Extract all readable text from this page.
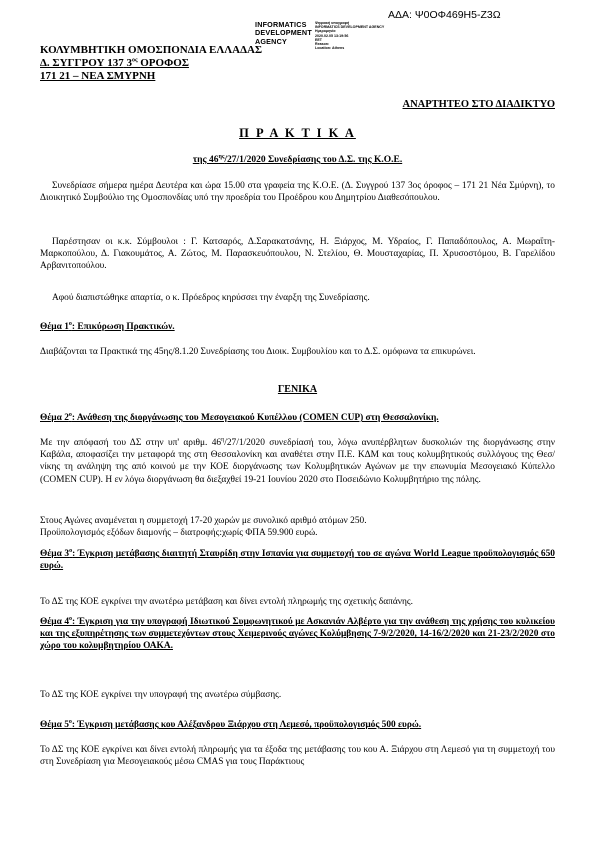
ΑΔΑ: Ψ0ΟΦ469Η5-Ζ3Ω
INFORMATICS
DEVELOPMENT
AGENCY
Ψηφιακή υπογραφή
INFORMATICS DEVELOPMENT AGENCY
Ημερομηνία
2020.02.05 13:19:56
EET
Reason:
Location: Athens
ΚΟΛΥΜΒΗΤΙΚΗ ΟΜΟΣΠΟΝΔΙΑ ΕΛΛΑΔΑΣ
Δ. ΣΥΓΓΡΟΥ 137 $3^{o\varsigma}$ ΟΡΟΦΟΣ
171 21 – ΝΕΑ ΣΜΥΡΝΗ
ΑΝΑΡΤΗΤΕΟ ΣΤΟ ΔΙΑΔΙΚΤΥΟ
Π Ρ Α Κ Τ Ι Κ Α
της $46^{\eta\varsigma}/27/1/2020$ Συνεδρίασης του Δ.Σ. της Κ.Ο.Ε.
Συνεδρίασε σήμερα ημέρα Δευτέρα και ώρα 15.00 στα γραφεία της Κ.Ο.Ε. (Δ. Συγγρού 137 3ος όροφος – 171 21 Νέα Σμύρνη), το Διοικητικό Συμβούλιο της Ομοσπονδίας υπό την προεδρία του Προέδρου κου Δημητρίου Διαθεσόπουλου.
Παρέστησαν οι κ.κ. Σύμβουλοι : Γ. Κατσαρός, Δ.Σαρακατσάνης, Η. Ξιάρχος, Μ. Υδραίος, Γ. Παπαδόπουλος, Α. Μωραΐτη-Μαρκοπούλου, Δ. Γιακουμάτος, Α. Ζώτος, Μ. Παρασκευόπουλου, Ν. Στελίου, Θ. Μουσταχαρίας, Π. Χρυσοστόμου, Β. Γαρελίδου Αρβανιτοπούλου.
Αφού διαπιστώθηκε απαρτία, ο κ. Πρόεδρος κηρύσσει την έναρξη της Συνεδρίασης.
Θέμα $1^o$: Επικύρωση Πρακτικών.
Διαβάζονται τα Πρακτικά της 45ης/8.1.20 Συνεδρίασης του Διοικ. Συμβουλίου και το Δ.Σ. ομόφωνα τα επικυρώνει.
ΓΕΝΙΚΑ
Θέμα $2^o$: Ανάθεση της διοργάνωσης του Μεσογειακού Κυπέλλου (COMEN CUP) στη Θεσσαλονίκη.
Με την απόφασή του ΔΣ στην υπ' αριθμ. $46^\eta/27/1/2020$ συνεδρίασή του, λόγω ανυπέρβλητων δυσκολιών της διοργάνωσης στην Καβάλα, αποφασίζει την μεταφορά της στη Θεσσαλονίκη και αναθέτει στην Π.Ε. ΚΔΜ και τους κολυμβητικούς συλλόγους της Θεσ/νίκης τη ανάληψη της από κοινού με την ΚΟΕ διοργάνωσης των Κολυμβητικών Αγώνων με την επωνυμία Μεσογειακό Κύπελλο (COMEN CUP). Η εν λόγω διοργάνωση θα διεξαχθεί 19-21 Ιουνίου 2020 στο Ποσειδώνιο Κολυμβητήριο της πόλης.
Στους Αγώνες αναμένεται η συμμετοχή 17-20 χωρών με συνολικό αριθμό ατόμων 250.
Προϋπολογισμός εξόδων διαμονής – διατροφής:χωρίς ΦΠΑ 59.900 ευρώ.
Θέμα $3^o$: Έγκριση μετάβασης διαιτητή Σταυρίδη στην Ισπανία για συμμετοχή του σε αγώνα World League προϋπολογισμός 650 ευρώ.
Το ΔΣ της ΚΟΕ εγκρίνει την ανωτέρω μετάβαση και δίνει εντολή πληρωμής της σχετικής δαπάνης.
Θέμα $4^o$: Έγκριση για την υπογραφή Ιδιωτικού Συμφωνητικού με Ασκανιάν Αλβέρτο για την ανάθεση της χρήσης του κυλικείου και της εξυπηρέτησης των συμμετεχόντων στους Χειμερινούς αγώνες Κολύμβησης 7-9/2/2020, 14-16/2/2020 και 21-23/2/2020 στο χώρο του κολυμβητηρίου ΟΑΚΑ.
Το ΔΣ της ΚΟΕ εγκρίνει την υπογραφή της ανωτέρω σύμβασης.
Θέμα $5^o$: Έγκριση μετάβασης κου Αλέξανδρου Ξιάρχου στη Λεμεσό, προϋπολογισμός 500 ευρώ.
Το ΔΣ της ΚΟΕ εγκρίνει και δίνει εντολή πληρωμής για τα έξοδα της μετάβασης του κου Α. Ξιάρχου στη Λεμεσό για τη συμμετοχή του στη Συνεδρίαση για Μεσογειακούς μέσω CMAS για τους Παράκτιους
